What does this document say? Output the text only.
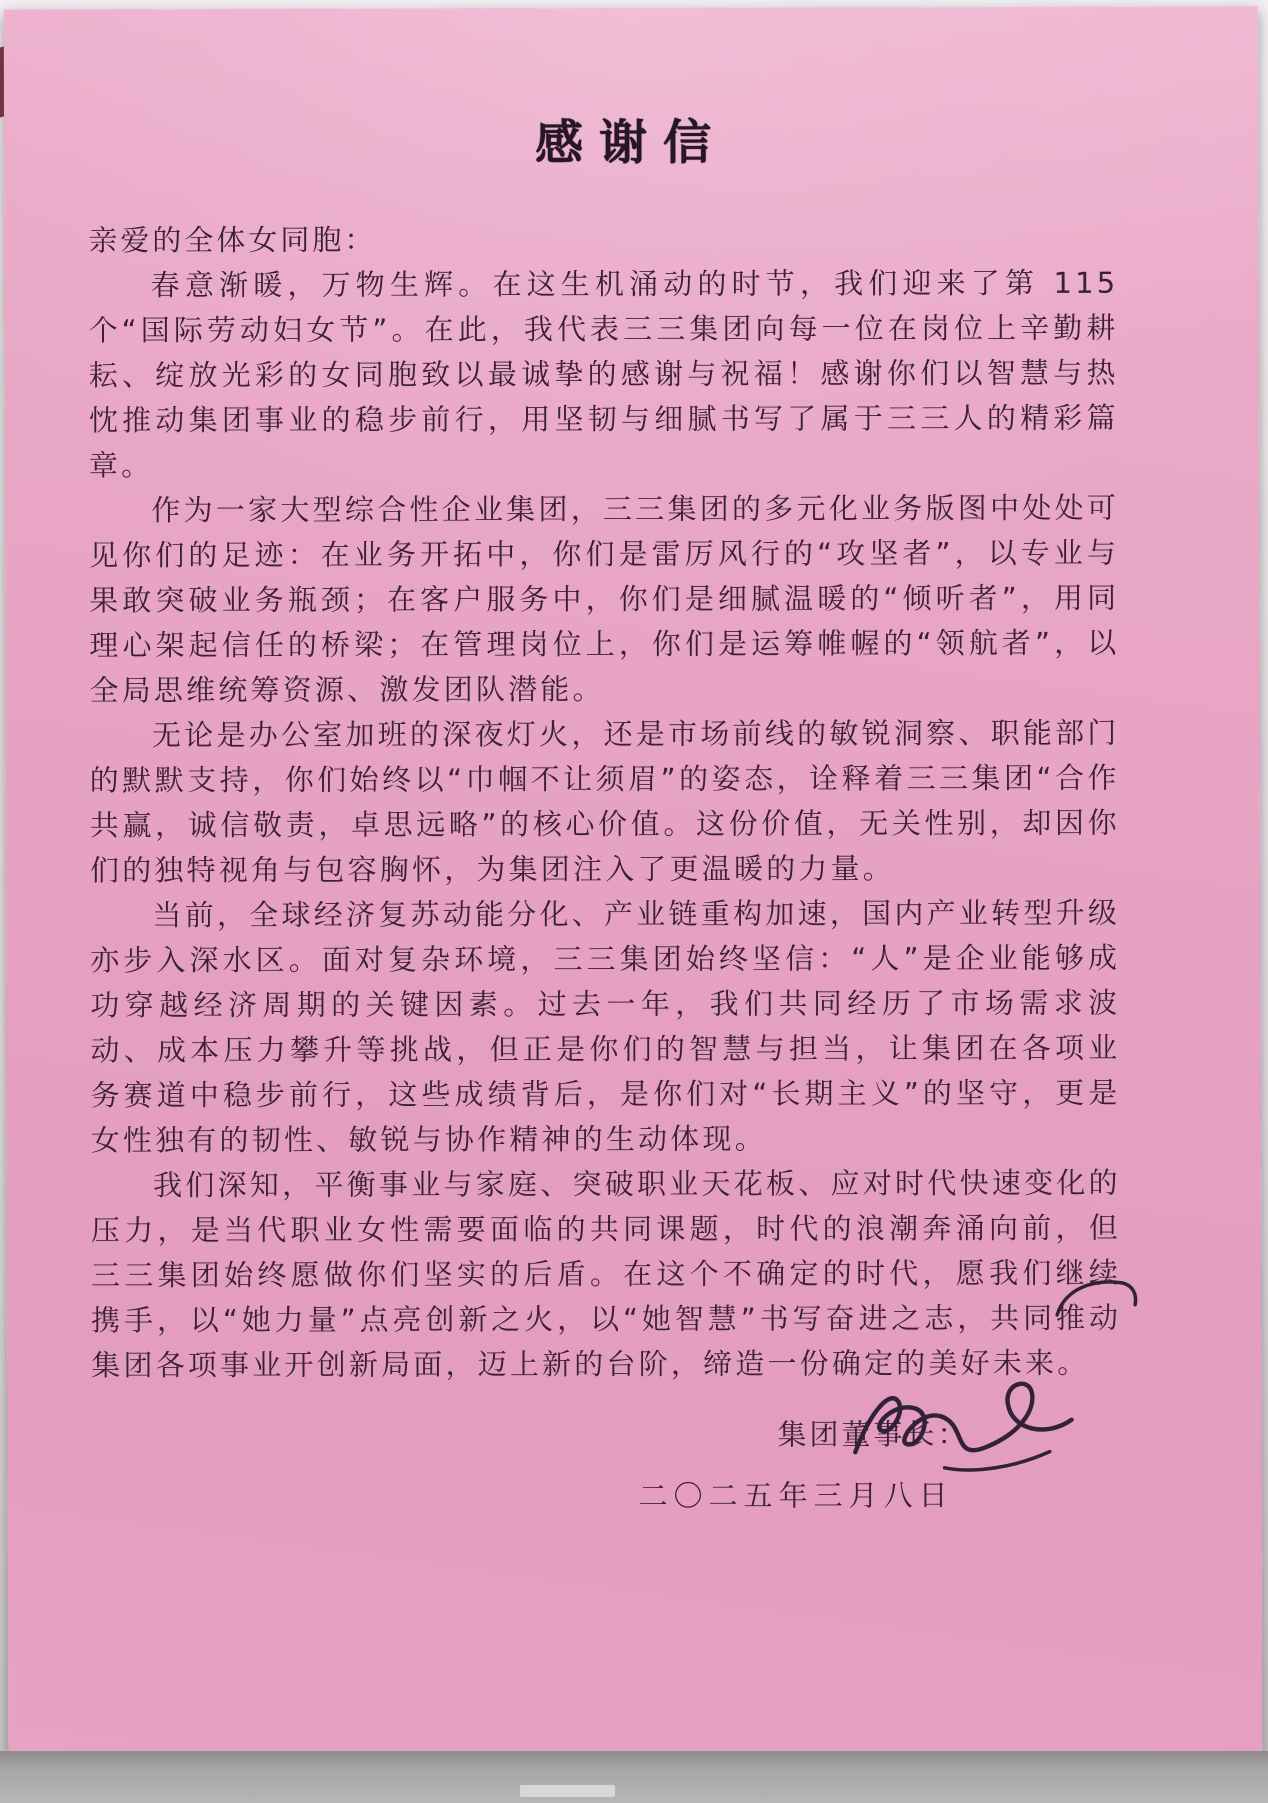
感谢信

亲爱的全体女同胞：

春意渐暖，万物生辉。在这生机涌动的时节，我们迎来了第 115 个“国际劳动妇女节”。在此，我代表三三集团向每一位在岗位上辛勤耕耘、绽放光彩的女同胞致以最诚挚的感谢与祝福！感谢你们以智慧与热忱推动集团事业的稳步前行，用坚韧与细腻书写了属于三三人的精彩篇章。

作为一家大型综合性企业集团，三三集团的多元化业务版图中处处可见你们的足迹：在业务开拓中，你们是雷厉风行的“攻坚者”，以专业与果敢突破业务瓶颈；在客户服务中，你们是细腻温暖的“倾听者”，用同理心架起信任的桥梁；在管理岗位上，你们是运筹帷幄的“领航者”，以全局思维统筹资源、激发团队潜能。

无论是办公室加班的深夜灯火，还是市场前线的敏锐洞察、职能部门的默默支持，你们始终以“巾帼不让须眉”的姿态，诠释着三三集团“合作共赢，诚信敬责，卓思远略”的核心价值。这份价值，无关性别，却因你们的独特视角与包容胸怀，为集团注入了更温暖的力量。

当前，全球经济复苏动能分化、产业链重构加速，国内产业转型升级亦步入深水区。面对复杂环境，三三集团始终坚信：“人”是企业能够成功穿越经济周期的关键因素。过去一年，我们共同经历了市场需求波动、成本压力攀升等挑战，但正是你们的智慧与担当，让集团在各项业务赛道中稳步前行，这些成绩背后，是你们对“长期主义”的坚守，更是女性独有的韧性、敏锐与协作精神的生动体现。

我们深知，平衡事业与家庭、突破职业天花板、应对时代快速变化的压力，是当代职业女性需要面临的共同课题，时代的浪潮奔涌向前，但三三集团始终愿做你们坚实的后盾。在这个不确定的时代，愿我们继续携手，以“她力量”点亮创新之火，以“她智慧”书写奋进之志，共同推动集团各项事业开创新局面，迈上新的台阶，缔造一份确定的美好未来。

集团董事长：
二〇二五年三月八日
